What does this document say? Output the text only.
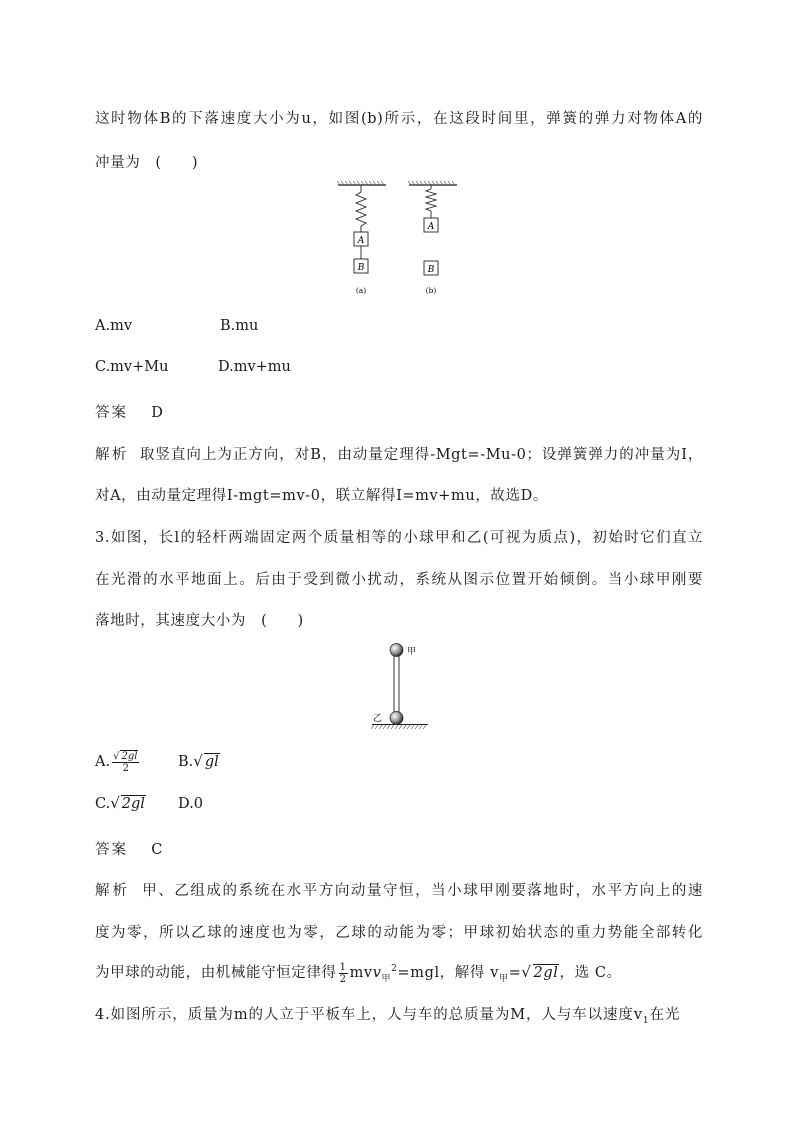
这时物体B的下落速度大小为u，如图(b)所示，在这段时间里，弹簧的弹力对物体A的
冲量为　(　　)
A
B
A
B
(a)	(b)
A.mv	B.mu
C.mv+Mu	D.mv+mu
答案 D
解析 取竖直向上为正方向，对B，由动量定理得-Mgt=-Mu-0；设弹簧弹力的冲量为I，
对A，由动量定理得I-mgt=mv-0，联立解得I=mv+mu，故选D。
3.如图，长l的轻杆两端固定两个质量相等的小球甲和乙(可视为质点)，初始时它们直立
在光滑的水平地面上。后由于受到微小扰动，系统从图示位置开始倾倒。当小球甲刚要
落地时，其速度大小为　(　　)
甲
乙
A. $\frac{√ 2gl}{2}$	B.√ gl
C.√ 2gl D.0
答案 C
解析 甲、乙组成的系统在水平方向动量守恒，当小球甲刚要落地时，水平方向上的速
度为零，所以乙球的速度也为零，乙球的动能为零；甲球初始状态的重力势能全部转化
为甲球的动能，由机械能守恒定律得 $\frac{1}{2} mvv_甲^2=mgl$，解得 $v_甲=√$ 2gl，选 C。
4.如图所示，质量为m的人立于平板车上，人与车的总质量为M，人与车以速度$v_1$在光
